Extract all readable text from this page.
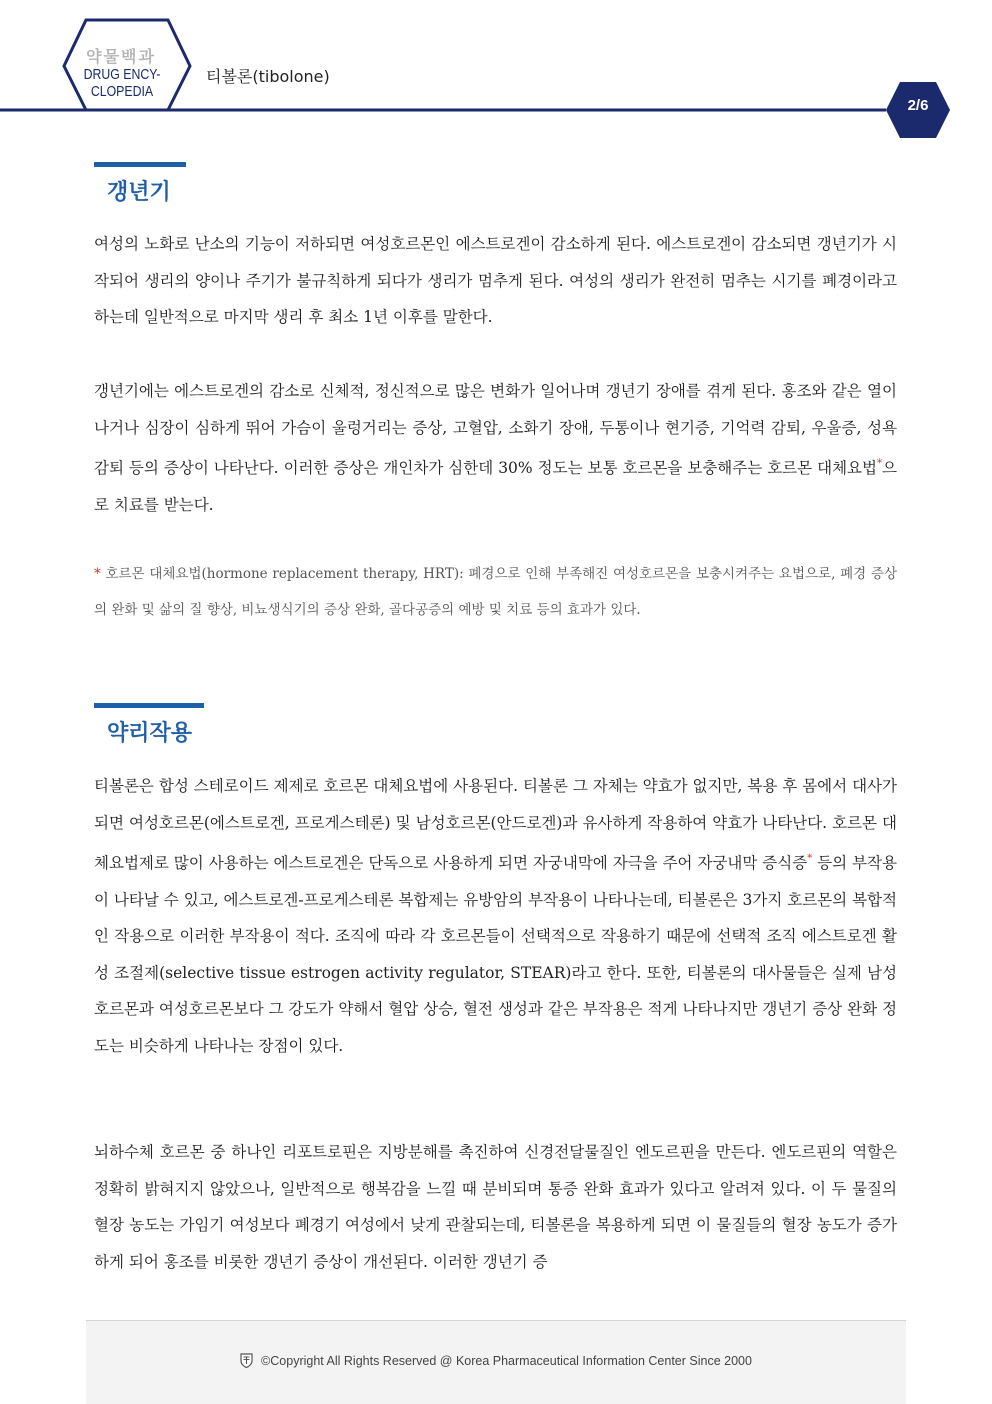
약물백과
DRUG ENCY-
CLOPEDIA
티볼론(tibolone)
2/6
갱년기

여성의 노화로 난소의 기능이 저하되면 여성호르몬인 에스트로겐이 감소하게 된다. 에스트로겐이 감소되면 갱년기가 시작되어 생리의 양이나 주기가 불규칙하게 되다가 생리가 멈추게 된다. 여성의 생리가 완전히 멈추는 시기를 폐경이라고 하는데 일반적으로 마지막 생리 후 최소 1년 이후를 말한다.

갱년기에는 에스트로겐의 감소로 신체적, 정신적으로 많은 변화가 일어나며 갱년기 장애를 겪게 된다. 홍조와 같은 열이 나거나 심장이 심하게 뛰어 가슴이 울렁거리는 증상, 고혈압, 소화기 장애, 두통이나 현기증, 기억력 감퇴, 우울증, 성욕감퇴 등의 증상이 나타난다. 이러한 증상은 개인차가 심한데 30% 정도는 보통 호르몬을 보충해주는 호르몬 대체요법*으로 치료를 받는다.

* 호르몬 대체요법(hormone replacement therapy, HRT): 폐경으로 인해 부족해진 여성호르몬을 보충시켜주는 요법으로, 폐경 증상의 완화 및 삶의 질 향상, 비뇨생식기의 증상 완화, 골다공증의 예방 및 치료 등의 효과가 있다.

약리작용

티볼론은 합성 스테로이드 제제로 호르몬 대체요법에 사용된다. 티볼론 그 자체는 약효가 없지만, 복용 후 몸에서 대사가 되면 여성호르몬(에스트로겐, 프로게스테론) 및 남성호르몬(안드로겐)과 유사하게 작용하여 약효가 나타난다. 호르몬 대체요법제로 많이 사용하는 에스트로겐은 단독으로 사용하게 되면 자궁내막에 자극을 주어 자궁내막 증식증* 등의 부작용이 나타날 수 있고, 에스트로겐-프로게스테론 복합제는 유방암의 부작용이 나타나는데, 티볼론은 3가지 호르몬의 복합적인 작용으로 이러한 부작용이 적다. 조직에 따라 각 호르몬들이 선택적으로 작용하기 때문에 선택적 조직 에스트로겐 활성 조절제(selective tissue estrogen activity regulator, STEAR)라고 한다. 또한, 티볼론의 대사물들은 실제 남성호르몬과 여성호르몬보다 그 강도가 약해서 혈압 상승, 혈전 생성과 같은 부작용은 적게 나타나지만 갱년기 증상 완화 정도는 비슷하게 나타나는 장점이 있다.

뇌하수체 호르몬 중 하나인 리포트로핀은 지방분해를 촉진하여 신경전달물질인 엔도르핀을 만든다. 엔도르핀의 역할은 정확히 밝혀지지 않았으나, 일반적으로 행복감을 느낄 때 분비되며 통증 완화 효과가 있다고 알려져 있다. 이 두 물질의 혈장 농도는 가임기 여성보다 폐경기 여성에서 낮게 관찰되는데, 티볼론을 복용하게 되면 이 물질들의 혈장 농도가 증가하게 되어 홍조를 비롯한 갱년기 증상이 개선된다. 이러한 갱년기 증

©Copyright All Rights Reserved @ Korea Pharmaceutical Information Center Since 2000
